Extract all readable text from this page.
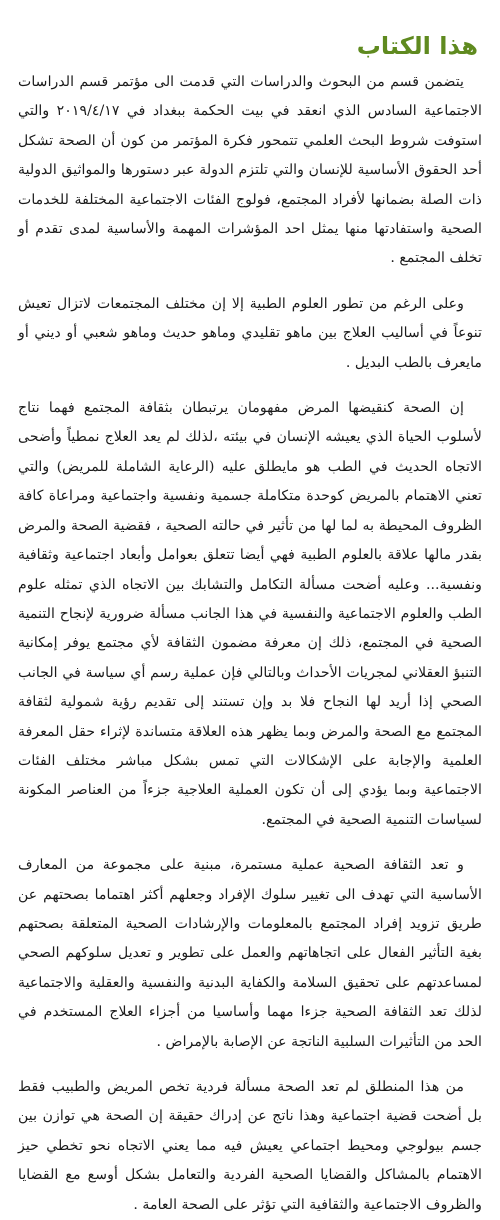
هذا الكتاب

يتضمن قسم من البحوث والدراسات التي قدمت الى مؤتمر قسم الدراسات الاجتماعية السادس الذي انعقد في بيت الحكمة ببغداد في ٢٠١٩/٤/١٧ والتي استوفت شروط البحث العلمي تتمحور فكرة المؤتمر من كون أن الصحة تشكل أحد الحقوق الأساسية للإنسان والتي تلتزم الدولة عبر دستورها والمواثيق الدولية ذات الصلة بضمانها لأفراد المجتمع، فولوج الفئات الاجتماعية المختلفة للخدمات الصحية واستفادتها منها يمثل احد المؤشرات المهمة والأساسية لمدى تقدم أو تخلف المجتمع .

وعلى الرغم من تطور العلوم الطبية إلا إن مختلف المجتمعات لاتزال تعيش تنوعاً في أساليب العلاج بين ماهو تقليدي وماهو حديث وماهو شعبي أو ديني أو مايعرف بالطب البديل .

إن الصحة كنقيضها المرض مفهومان يرتبطان بثقافة المجتمع فهما نتاج لأسلوب الحياة الذي يعيشه الإنسان في بيئته ،لذلك لم يعد العلاج نمطياً وأضحى الاتجاه الحديث في الطب هو مايطلق عليه (الرعاية الشاملة للمريض) والتي تعني الاهتمام بالمريض كوحدة متكاملة جسمية ونفسية واجتماعية ومراعاة كافة الظروف المحيطة به لما لها من تأثير في حالته الصحية ، فقضية الصحة والمرض بقدر مالها علاقة بالعلوم الطبية فهي أيضا تتعلق بعوامل وأبعاد اجتماعية وثقافية ونفسية... وعليه أضحت مسألة التكامل والتشابك بين الاتجاه الذي تمثله علوم الطب والعلوم الاجتماعية والنفسية في هذا الجانب مسألة ضرورية لإنجاح التنمية الصحية في المجتمع، ذلك إن معرفة مضمون الثقافة لأي مجتمع يوفر إمكانية التنبؤ العقلاني لمجريات الأحداث وبالتالي فإن عملية رسم أي سياسة في الجانب الصحي إذا أريد لها النجاح فلا بد وإن تستند إلى تقديم رؤية شمولية لثقافة المجتمع مع الصحة والمرض وبما يظهر هذه العلاقة متساندة لإثراء حقل المعرفة العلمية والإجابة على الإشكالات التي تمس بشكل مباشر مختلف الفئات الاجتماعية وبما يؤدي إلى أن تكون العملية العلاجية جزءاً من العناصر المكونة لسياسات التنمية الصحية في المجتمع.

و تعد الثقافة الصحية عملية مستمرة، مبنية على مجموعة من المعارف الأساسية التي تهدف الى تغيير سلوك الإفراد وجعلهم أكثر اهتماما بصحتهم عن طريق تزويد إفراد المجتمع بالمعلومات والإرشادات الصحية المتعلقة بصحتهم بغية التأثير الفعال على اتجاهاتهم والعمل على تطوير و تعديل سلوكهم الصحي لمساعدتهم على تحقيق السلامة والكفاية البدنية والنفسية والعقلية والاجتماعية لذلك تعد الثقافة الصحية جزءا مهما وأساسيا من أجزاء العلاج المستخدم في الحد من التأثيرات السلبية الناتجة عن الإصابة بالإمراض .

من هذا المنطلق لم تعد الصحة مسألة فردية تخص المريض والطبيب فقط بل أضحت قضية اجتماعية وهذا ناتج عن إدراك حقيقة إن الصحة هي توازن بين جسم بيولوجي ومحيط اجتماعي يعيش فيه مما يعني الاتجاه نحو تخطي حيز الاهتمام بالمشاكل والقضايا الصحية الفردية والتعامل بشكل أوسع مع القضايا والظروف الاجتماعية والثقافية التي تؤثر على الصحة العامة .
